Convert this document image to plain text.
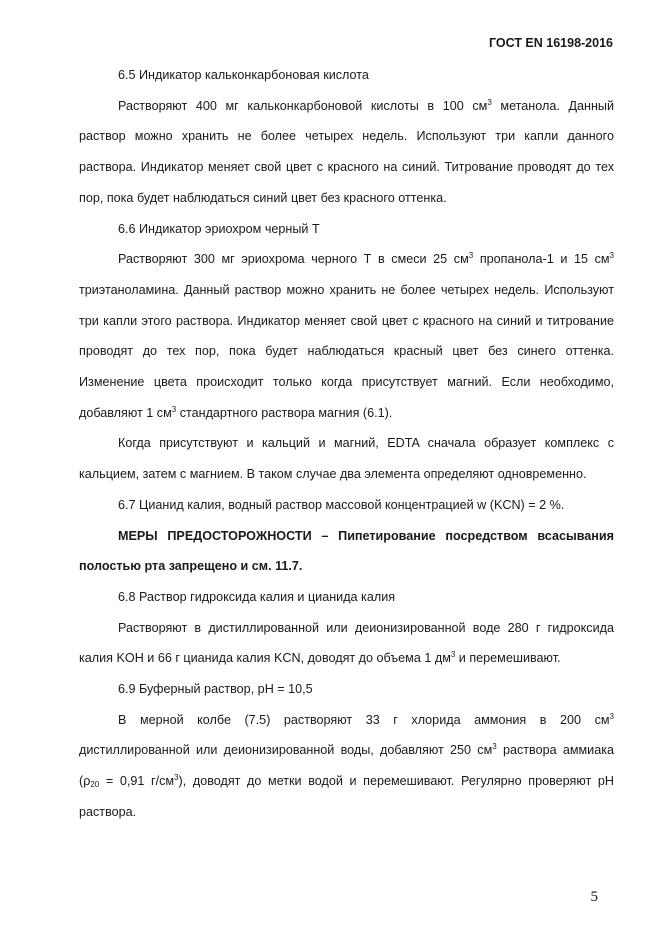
ГОСТ EN 16198-2016

6.5 Индикатор кальконкарбоновая кислота

Растворяют 400 мг кальконкарбоновой кислоты в 100 $см^3$ метанола. Данный раствор можно хранить не более четырех недель. Используют три капли данного раствора. Индикатор меняет свой цвет с красного на синий. Титрование проводят до тех пор, пока будет наблюдаться синий цвет без красного оттенка.

6.6 Индикатор эриохром черный Т

Растворяют 300 мг эриохрома черного Т в смеси 25 $см^3$ пропанола-1 и 15 $см^3$ триэтаноламина. Данный раствор можно хранить не более четырех недель. Используют три капли этого раствора. Индикатор меняет свой цвет с красного на синий и титрование проводят до тех пор, пока будет наблюдаться красный цвет без синего оттенка. Изменение цвета происходит только когда присутствует магний. Если необходимо, добавляют 1 $см^3$ стандартного раствора магния (6.1).

Когда присутствуют и кальций и магний, EDTA сначала образует комплекс с кальцием, затем с магнием. В таком случае два элемента определяют одновременно.

6.7 Цианид калия, водный раствор массовой концентрацией w (KCN) = 2 %.

МЕРЫ ПРЕДОСТОРОЖНОСТИ – Пипетирование посредством всасывания полостью рта запрещено и см. 11.7.

6.8 Раствор гидроксида калия и цианида калия

Растворяют в дистиллированной или деионизированной воде 280 г гидроксида калия KOH и 66 г цианида калия KCN, доводят до объема 1 $дм^3$ и перемешивают.

6.9 Буферный раствор, pH = 10,5

В мерной колбе (7.5) растворяют 33 г хлорида аммония в 200 $см^3$ дистиллированной или деионизированной воды, добавляют 250 $см^3$ раствора аммиака ($\rho_{20} = 0,91$ $г/см^3$), доводят до метки водой и перемешивают. Регулярно проверяют pH раствора.

5
